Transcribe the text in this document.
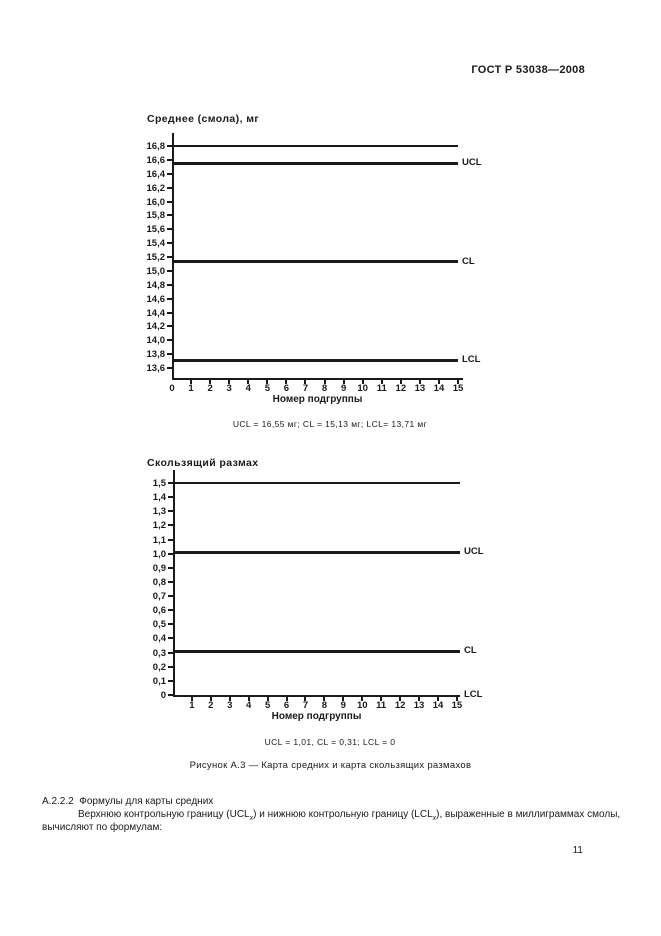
ГОСТ Р 53038—2008
Среднее (смола), мг
16,8
16,6
16,4
16,2
16,0
15,8
15,6
15,4
15,2
15,0
14,8
14,6
14,4
14,2
14,0
13,8
13,6
0	1	2	3	4	5	6	7	8	9	10 11 12 13 14 15
Номер подгруппы
UCL
CL
LCL
UCL = 16,55 мг; CL = 15,13 мг; LCL= 13,71 мг
Скользящий размах
1,5
1,4
1,3
1,2
1,1
1,0
0,9
0,8
0,7
0,6
0,5
0,4
0,3
0,2
0,1
0
1	2	3	4	5	6	7	8	9	10 11 12 13 14 15
Номер подгруппы
UCL
CL
LCL
UCL = 1,01, CL = 0,31; LCL = 0
Рисунок А.3 — Карта средних и карта скользящих размахов
А.2.2.2  Формулы для карты средних

Верхнюю контрольную границу $(UCL_x)$ и нижнюю контрольную границу $(LCL_x)$, выраженные в миллиграммах смолы, вычисляют по формулам:

11
